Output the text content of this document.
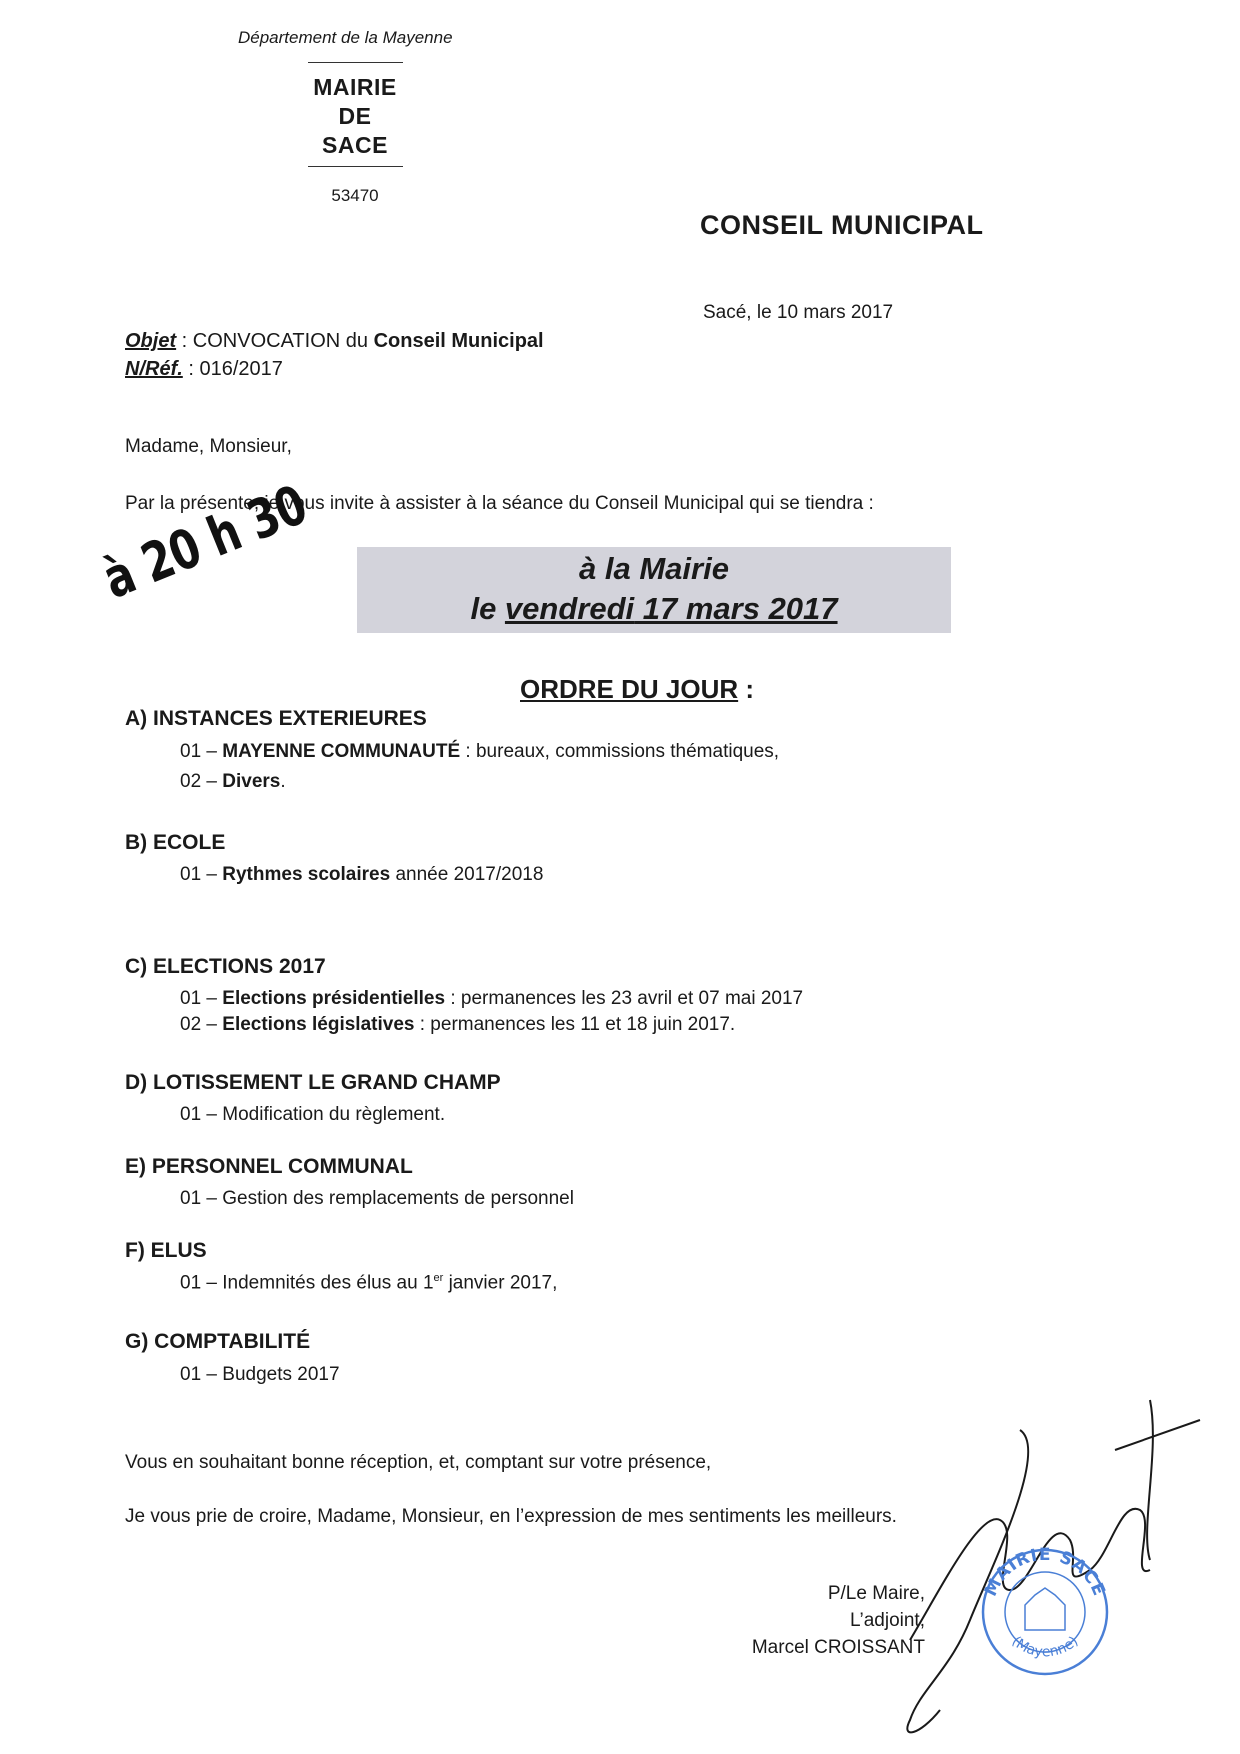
Département de la Mayenne
MAIRIE
DE
SACE
53470
CONSEIL MUNICIPAL
Sacé, le 10 mars 2017
Objet : CONVOCATION du Conseil Municipal
N/Réf. : 016/2017
Madame, Monsieur,
Par la présente, je vous invite à assister à la séance du Conseil Municipal qui se tiendra :
à 20 h 30	à la Mairie
le vendredi 17 mars 2017
ORDRE DU JOUR :
A) INSTANCES EXTERIEURES
01 – MAYENNE COMMUNAUTÉ : bureaux, commissions thématiques,
02 – Divers.
B) ECOLE
01 – Rythmes scolaires année 2017/2018
C) ELECTIONS 2017
01 – Elections présidentielles : permanences les 23 avril et 07 mai 2017
02 – Elections législatives : permanences les 11 et 18 juin 2017.
D) LOTISSEMENT LE GRAND CHAMP
01 – Modification du règlement.
E) PERSONNEL COMMUNAL
01 – Gestion des remplacements de personnel
F) ELUS
01 – Indemnités des élus au 1er janvier 2017,
G) COMPTABILITÉ
01 – Budgets 2017
Vous en souhaitant bonne réception, et, comptant sur votre présence,
Je vous prie de croire, Madame, Monsieur, en l’expression de mes sentiments les meilleurs.
P/Le Maire,
L’adjoint,
Marcel CROISSANT
MAIRIE SACE
(Mayenne)
